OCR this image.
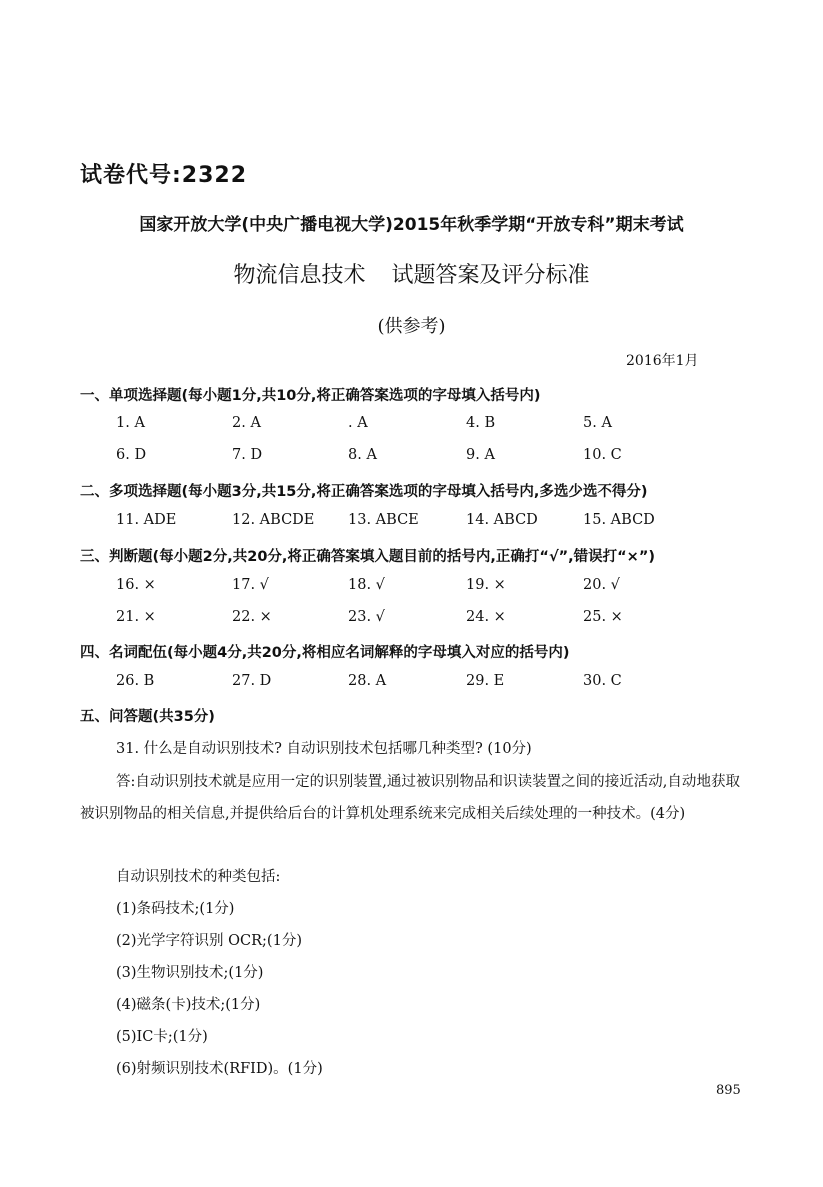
试卷代号:2322
国家开放大学(中央广播电视大学)2015年秋季学期“开放专科”期末考试
物流信息技术 试题答案及评分标准
(供参考)
2016年1月
一、单项选择题(每小题1分,共10分,将正确答案选项的字母填入括号内)
1. A	2. A	. A	4. B	5. A
6. D	7. D	8. A	9. A	10. C
二、多项选择题(每小题3分,共15分,将正确答案选项的字母填入括号内,多选少选不得分)
11. ADE	12. ABCDE 13. ABCE	14. ABCD	15. ABCD
三、判断题(每小题2分,共20分,将正确答案填入题目前的括号内,正确打“√”,错误打“×”)
16. ×	17. √	18. √	19. ×	20. √
21. ×	22. ×	23. √	24. ×	25. ×
四、名词配伍(每小题4分,共20分,将相应名词解释的字母填入对应的括号内)
26. B	27. D	28. A	29. E	30. C
五、问答题(共35分)
31. 什么是自动识别技术? 自动识别技术包括哪几种类型? (10分)
答:自动识别技术就是应用一定的识别装置,通过被识别物品和识读装置之间的接近活动,自动地获取被识别物品的相关信息,并提供给后台的计算机处理系统来完成相关后续处理的一种技术。(4分)
自动识别技术的种类包括:
(1)条码技术;(1分)
(2)光学字符识别 OCR;(1分)
(3)生物识别技术;(1分)
(4)磁条(卡)技术;(1分)
(5)IC卡;(1分)
(6)射频识别技术(RFID)。(1分)
895
